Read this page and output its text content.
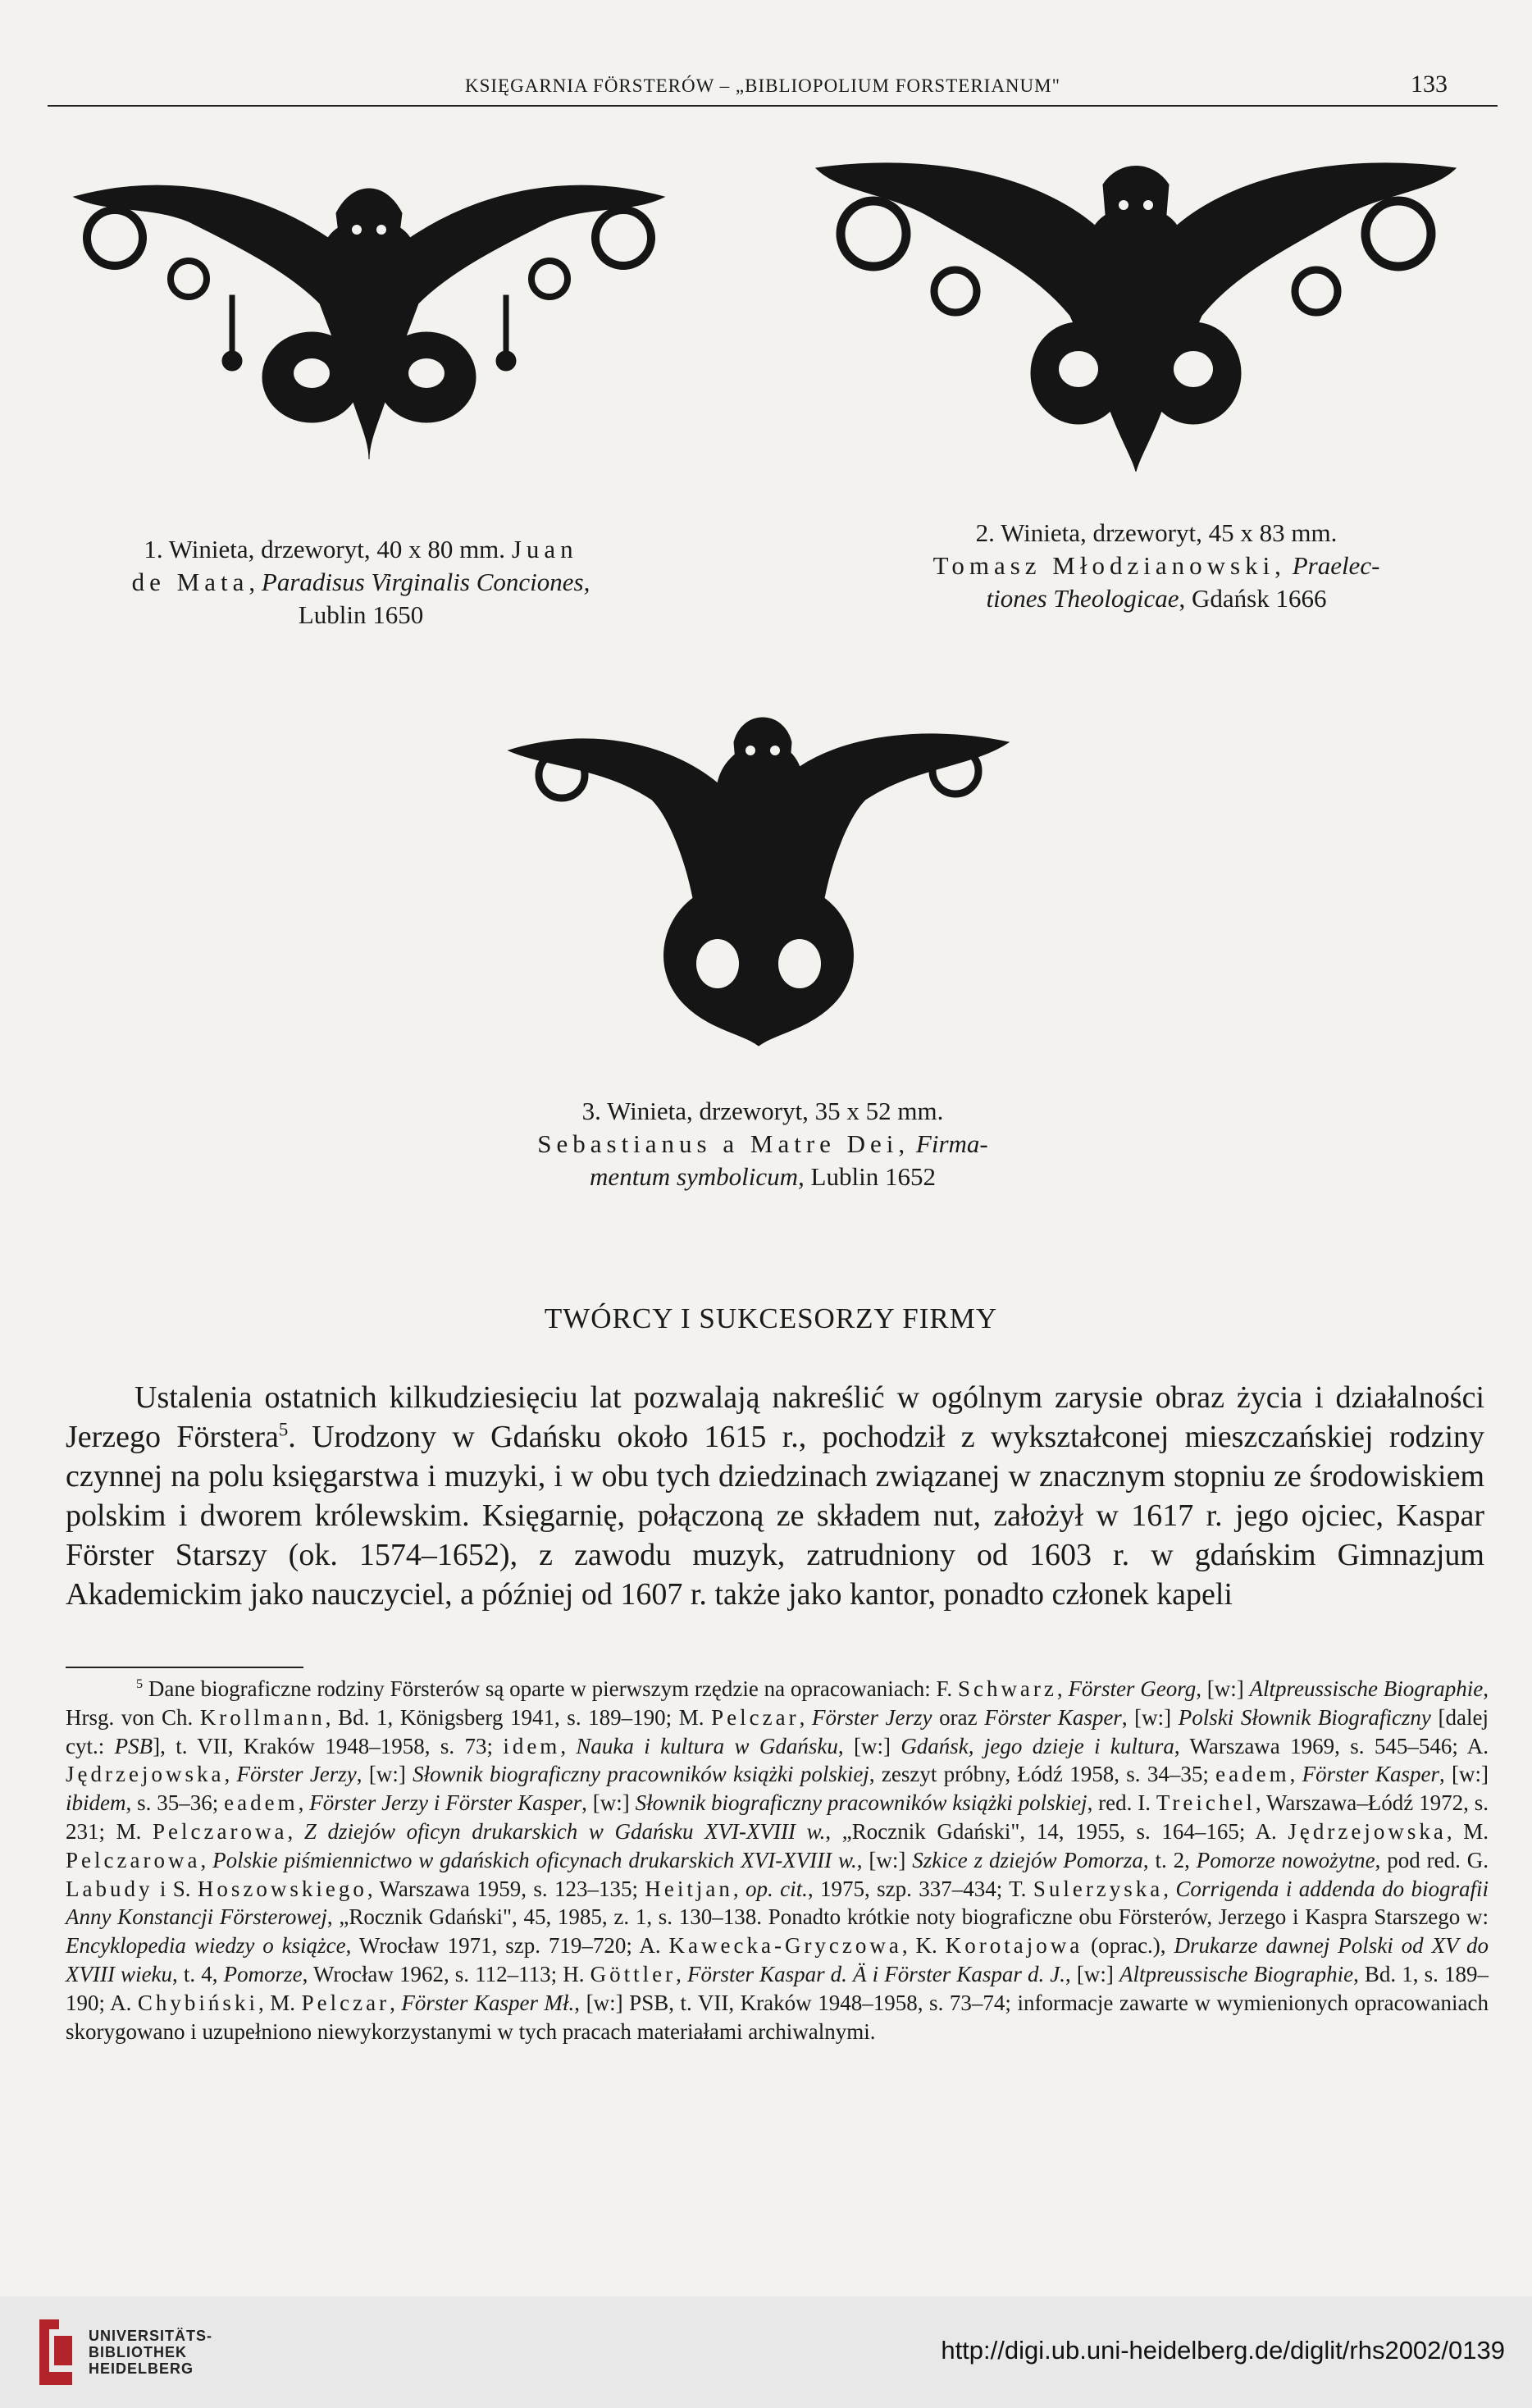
KSIĘGARNIA FÖRSTERÓW – „BIBLIOPOLIUM FORSTERIANUM"	133
1. Winieta, drzeworyt, 40 x 80 mm. Juan
de Mata, Paradisus Virginalis Conciones,
Lublin 1650
2. Winieta, drzeworyt, 45 x 83 mm.
Tomasz Młodzianowski, Praelec-
tiones Theologicae, Gdańsk 1666
3. Winieta, drzeworyt, 35 x 52 mm.
Sebastianus a Matre Dei, Firma-
mentum symbolicum, Lublin 1652
TWÓRCY I SUKCESORZY FIRMY

Ustalenia ostatnich kilkudziesięciu lat pozwalają nakreślić w ogólnym zarysie obraz życia i działalności Jerzego Förstera$^5$. Urodzony w Gdańsku około 1615 r., pochodził z wykształconej mieszczańskiej rodziny czynnej na polu księgarstwa i muzyki, i w obu tych dziedzinach związanej w znacznym stopniu ze środowiskiem polskim i dworem królewskim. Księgarnię, połączoną ze składem nut, założył w 1617 r. jego ojciec, Kaspar Förster Starszy (ok. 1574–1652), z zawodu muzyk, zatrudniony od 1603 r. w gdańskim Gimnazjum Akademickim jako nauczyciel, a później od 1607 r. także jako kantor, ponadto członek kapeli

$^5$ Dane biograficzne rodziny Försterów są oparte w pierwszym rzędzie na opracowaniach: F. Schwarz, Förster Georg, [w:] Altpreussische Biographie, Hrsg. von Ch. Krollmann, Bd. 1, Königsberg 1941, s. 189–190; M. Pelczar, Förster Jerzy oraz Förster Kasper, [w:] Polski Słownik Biograficzny [dalej cyt.: PSB], t. VII, Kraków 1948–1958, s. 73; idem, Nauka i kultura w Gdańsku, [w:] Gdańsk, jego dzieje i kultura, Warszawa 1969, s. 545–546; A. Jędrzejowska, Förster Jerzy, [w:] Słownik biograficzny pracowników książki polskiej, zeszyt próbny, Łódź 1958, s. 34–35; eadem, Förster Kasper, [w:] ibidem, s. 35–36; eadem, Förster Jerzy i Förster Kasper, [w:] Słownik biograficzny pracowników książki polskiej, red. I. Treichel, Warszawa–Łódź 1972, s. 231; M. Pelczarowa, Z dziejów oficyn drukarskich w Gdańsku XVI-XVIII w., „Rocznik Gdański", 14, 1955, s. 164–165; A. Jędrzejowska, M. Pelczarowa, Polskie piśmiennictwo w gdańskich oficynach drukarskich XVI-XVIII w., [w:] Szkice z dziejów Pomorza, t. 2, Pomorze nowożytne, pod red. G. Labudy i S. Hoszowskiego, Warszawa 1959, s. 123–135; Heitjan, op. cit., 1975, szp. 337–434; T. Sulerzyska, Corrigenda i addenda do biografii Anny Konstancji Försterowej, „Rocznik Gdański", 45, 1985, z. 1, s. 130–138. Ponadto krótkie noty biograficzne obu Försterów, Jerzego i Kaspra Starszego w: Encyklopedia wiedzy o książce, Wrocław 1971, szp. 719–720; A. Kawecka-Gryczowa, K. Korotajowa (oprac.), Drukarze dawnej Polski od XV do XVIII wieku, t. 4, Pomorze, Wrocław 1962, s. 112–113; H. Göttler, Förster Kaspar d. Ä i Förster Kaspar d. J., [w:] Altpreussische Biographie, Bd. 1, s. 189–190; A. Chybiński, M. Pelczar, Förster Kasper Mł., [w:] PSB, t. VII, Kraków 1948–1958, s. 73–74; informacje zawarte w wymienionych opracowaniach skorygowano i uzupełniono niewykorzystanymi w tych pracach materiałami archiwalnymi.

UNIVERSITÄTS-
BIBLIOTHEK
HEIDELBERG
http://digi.ub.uni-heidelberg.de/diglit/rhs2002/0139
